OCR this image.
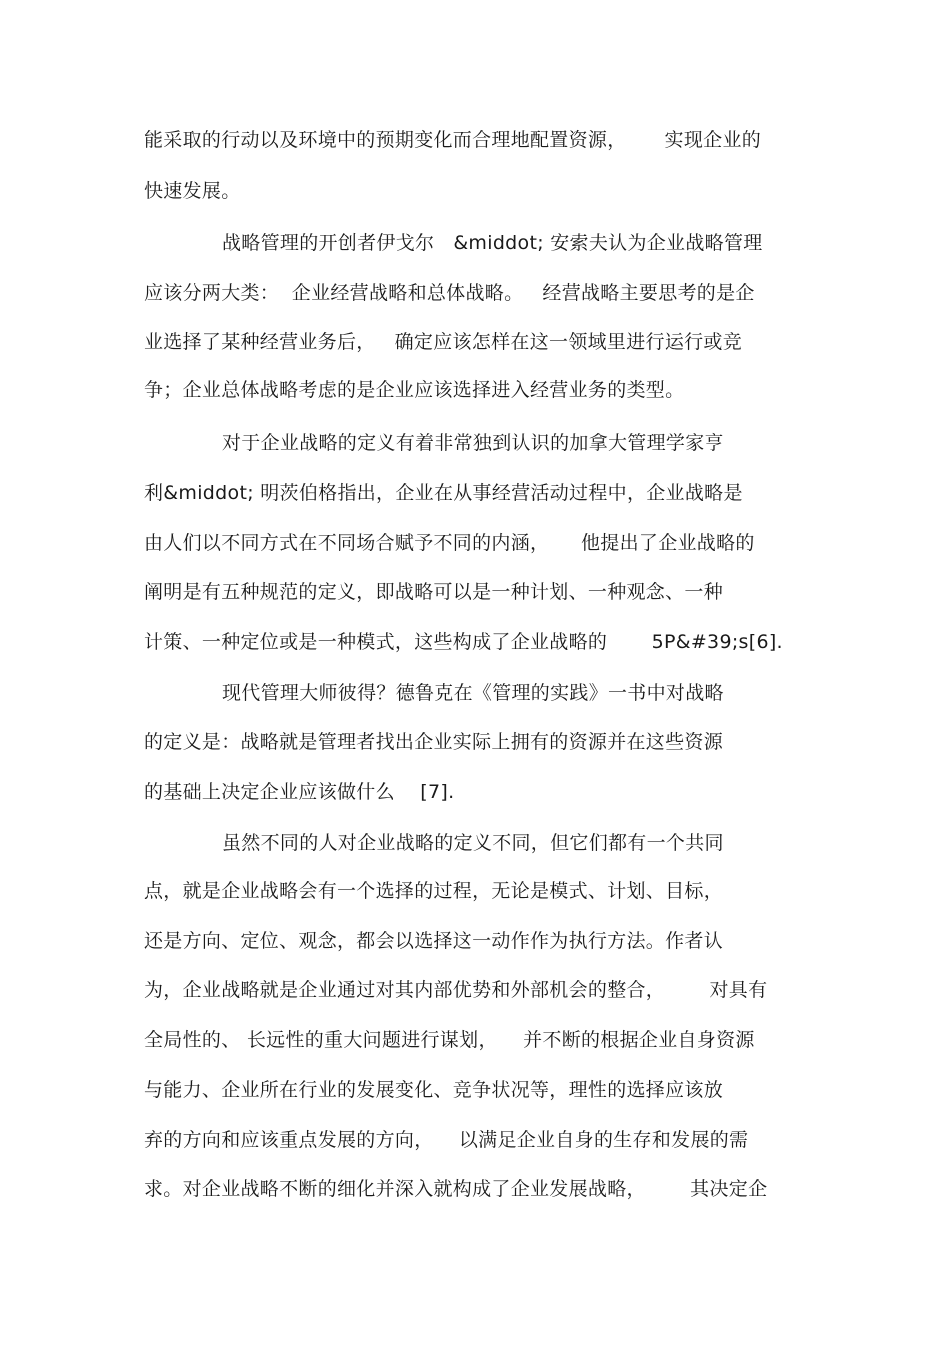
能采取的行动以及环境中的预期变化而合理地配置资源，      实现企业的
快速发展。
战略管理的开创者伊戈尔   &middot; 安索夫认为企业战略管理
应该分两大类：  企业经营战略和总体战略。   经营战略主要思考的是企
业选择了某种经营业务后，   确定应该怎样在这一领域里进行运行或竞
争；企业总体战略考虑的是企业应该选择进入经营业务的类型。
对于企业战略的定义有着非常独到认识的加拿大管理学家亨
利&middot; 明茨伯格指出，企业在从事经营活动过程中，企业战略是
由人们以不同方式在不同场合赋予不同的内涵，     他提出了企业战略的
阐明是有五种规范的定义，即战略可以是一种计划、一种观念、一种
计策、一种定位或是一种模式，这些构成了企业战略的       5P&#39;s[6].
现代管理大师彼得？德鲁克在《管理的实践》一书中对战略
的定义是：战略就是管理者找出企业实际上拥有的资源并在这些资源
的基础上决定企业应该做什么    [7].
虽然不同的人对企业战略的定义不同，但它们都有一个共同
点，就是企业战略会有一个选择的过程，无论是模式、计划、目标，
还是方向、定位、观念，都会以选择这一动作作为执行方法。作者认
为，企业战略就是企业通过对其内部优势和外部机会的整合，       对具有
全局性的、 长远性的重大问题进行谋划，    并不断的根据企业自身资源
与能力、企业所在行业的发展变化、竞争状况等，理性的选择应该放
弃的方向和应该重点发展的方向，    以满足企业自身的生存和发展的需
求。对企业战略不断的细化并深入就构成了企业发展战略，       其决定企
